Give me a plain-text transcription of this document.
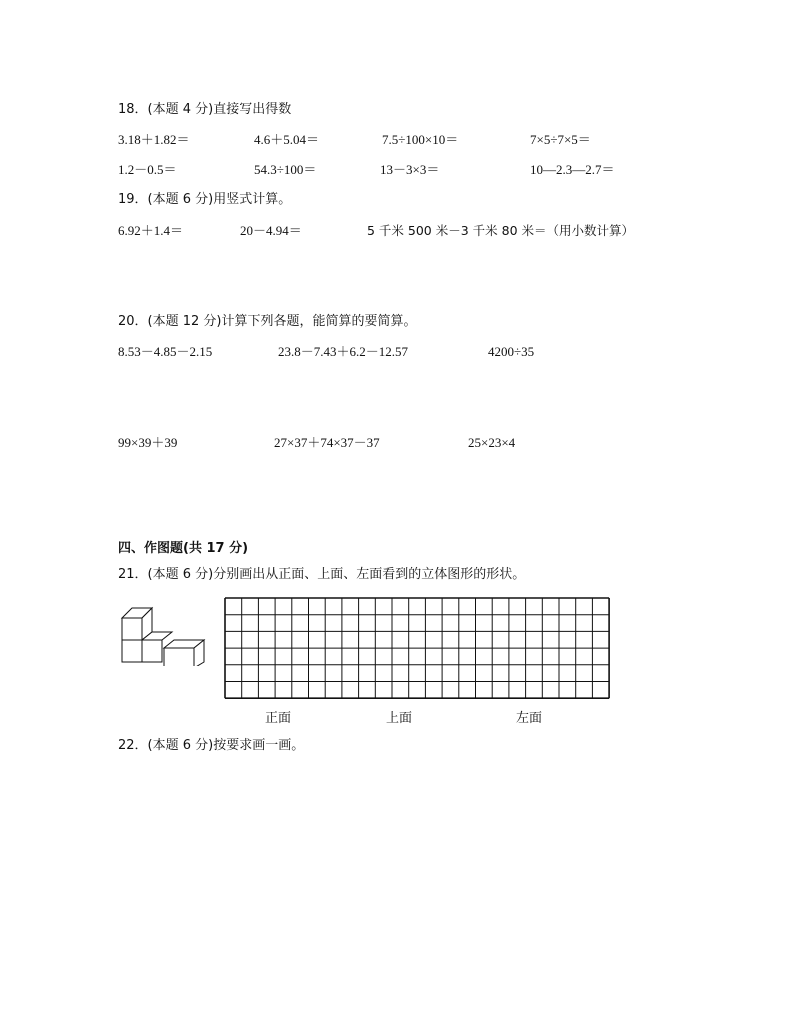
18．(本题 4 分)直接写出得数
3.18＋1.82＝	4.6＋5.04＝	7.5÷100×10＝	7×5÷7×5＝
1.2－0.5＝	54.3÷100＝	13－3×3＝	10—2.3—2.7＝
19．(本题 6 分)用竖式计算。
6.92＋1.4＝	20－4.94＝	5 千米 500 米－3 千米 80 米＝（用小数计算）
20．(本题 12 分)计算下列各题，能简算的要简算。
8.53－4.85－2.15	23.8－7.43＋6.2－12.57	4200÷35
99×39＋39	27×37＋74×37－37	25×23×4
四、作图题(共 17 分)
21．(本题 6 分)分别画出从正面、上面、左面看到的立体图形的形状。
正面	上面	左面
22．(本题 6 分)按要求画一画。
